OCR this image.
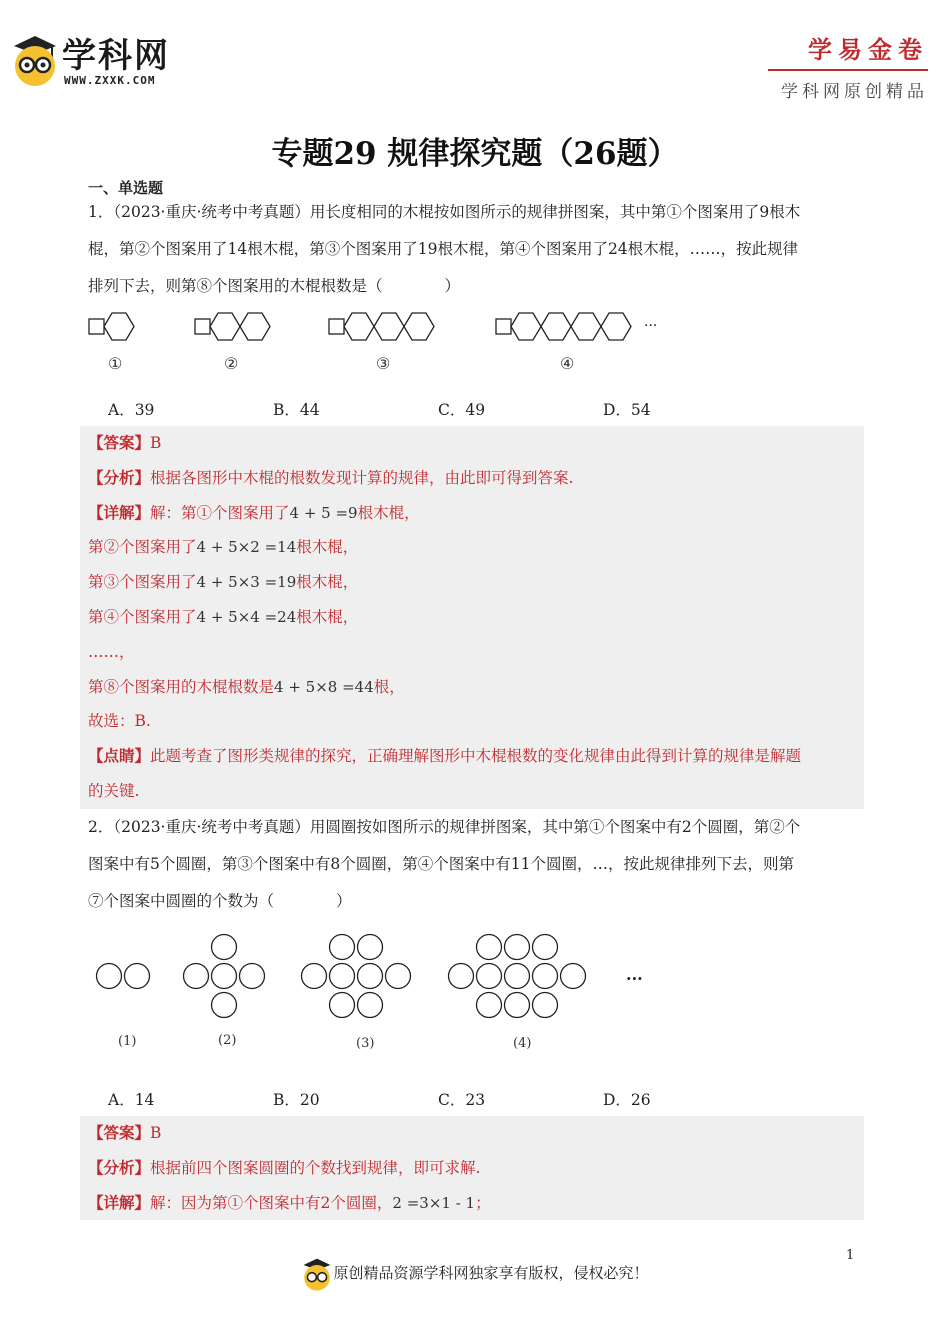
学科网
WWW.ZXXK.COM
学易金卷
学科网原创精品
专题29 规律探究题（26题）
一、单选题
1．（2023·重庆·统考中考真题）用长度相同的木棍按如图所示的规律拼图案，其中第①个图案用了9根木
棍，第②个图案用了14根木棍，第③个图案用了19根木棍，第④个图案用了24根木棍，……，按此规律
排列下去，则第⑧个图案用的木棍根数是（　　　　）
···
①	②	③	④
A．39	B．44	C．49	D．54
【答案】B
【分析】根据各图形中木棍的根数发现计算的规律，由此即可得到答案.
【详解】解：第①个图案用了4 + 5 =9根木棍，
第②个图案用了4 + 5×2 =14根木棍，
第③个图案用了4 + 5×3 =19根木棍，
第④个图案用了4 + 5×4 =24根木棍，
……，
第⑧个图案用的木棍根数是4 + 5×8 =44根，
故选：B.
【点睛】此题考查了图形类规律的探究，正确理解图形中木棍根数的变化规律由此得到计算的规律是解题
的关键.
2．（2023·重庆·统考中考真题）用圆圈按如图所示的规律拼图案，其中第①个图案中有2个圆圈，第②个
图案中有5个圆圈，第③个图案中有8个圆圈，第④个图案中有11个圆圈，…，按此规律排列下去，则第
⑦个图案中圆圈的个数为（　　　　）
···
(1)	(2)	(3)	(4)
A．14	B．20	C．23	D．26
【答案】B
【分析】根据前四个图案圆圈的个数找到规律，即可求解.
【详解】解：因为第①个图案中有2个圆圈，2 =3×1 - 1；
1
原创精品资源学科网独家享有版权，侵权必究！
